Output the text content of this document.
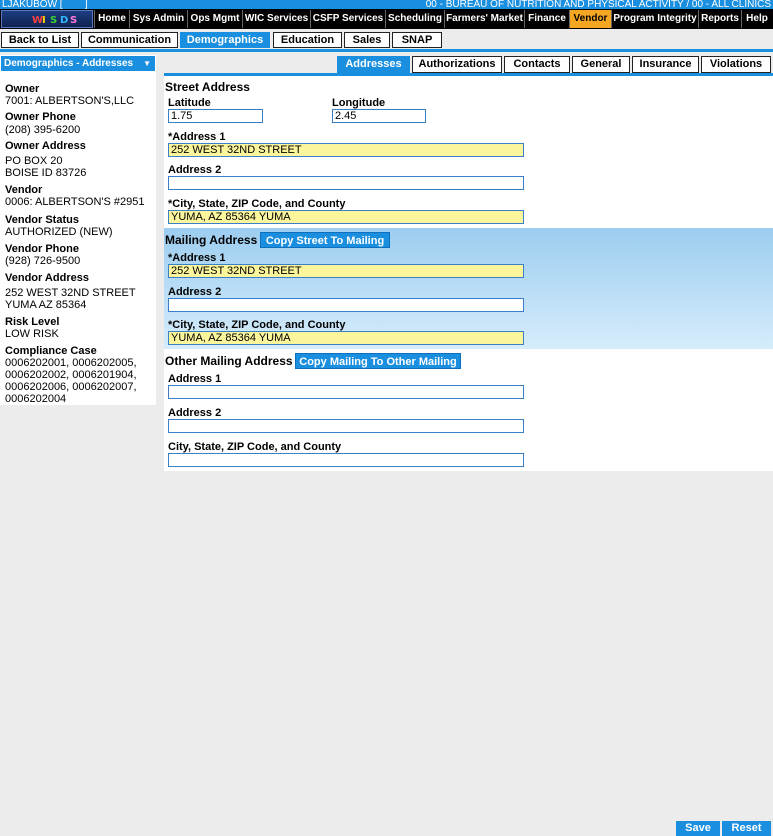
LJAKUBOW [ ]	00 - BUREAU OF NUTRITION AND PHYSICAL ACTIVITY / 00 - ALL CLINICS
W
I S D S	Home Sys Admin Ops Mgmt WIC Services CSFP Services Scheduling Farmers' Market Finance Vendor Program Integrity Reports Help
Back to List	Communication	Demographics	Education	Sales	SNAP
Demographics - Addresses ▼
Owner
7001: ALBERTSON'S,LLC
Owner Phone
(208) 395-6200
Owner Address
PO BOX 20
BOISE ID 83726
Vendor
0006: ALBERTSON'S #2951
Vendor Status
AUTHORIZED (NEW)
Vendor Phone
(928) 726-9500
Vendor Address
252 WEST 32ND STREET
YUMA AZ 85364
Risk Level
LOW RISK
Compliance Case
0006202001, 0006202005,
0006202002, 0006201904,
0006202006, 0006202007,
0006202004
Addresses	Authorizations	Contacts	General	Insurance	Violations
Street Address
Latitude
1.75	Longitude
2.45
*Address 1
252 WEST 32ND STREET
Address 2
*City, State, ZIP Code, and County
YUMA, AZ 85364 YUMA
Mailing Address Copy Street To Mailing
*Address 1
252 WEST 32ND STREET
Address 2
*City, State, ZIP Code, and County
YUMA, AZ 85364 YUMA
Other Mailing Address Copy Mailing To Other Mailing
Address 1
Address 2
City, State, ZIP Code, and County
Save	Reset
